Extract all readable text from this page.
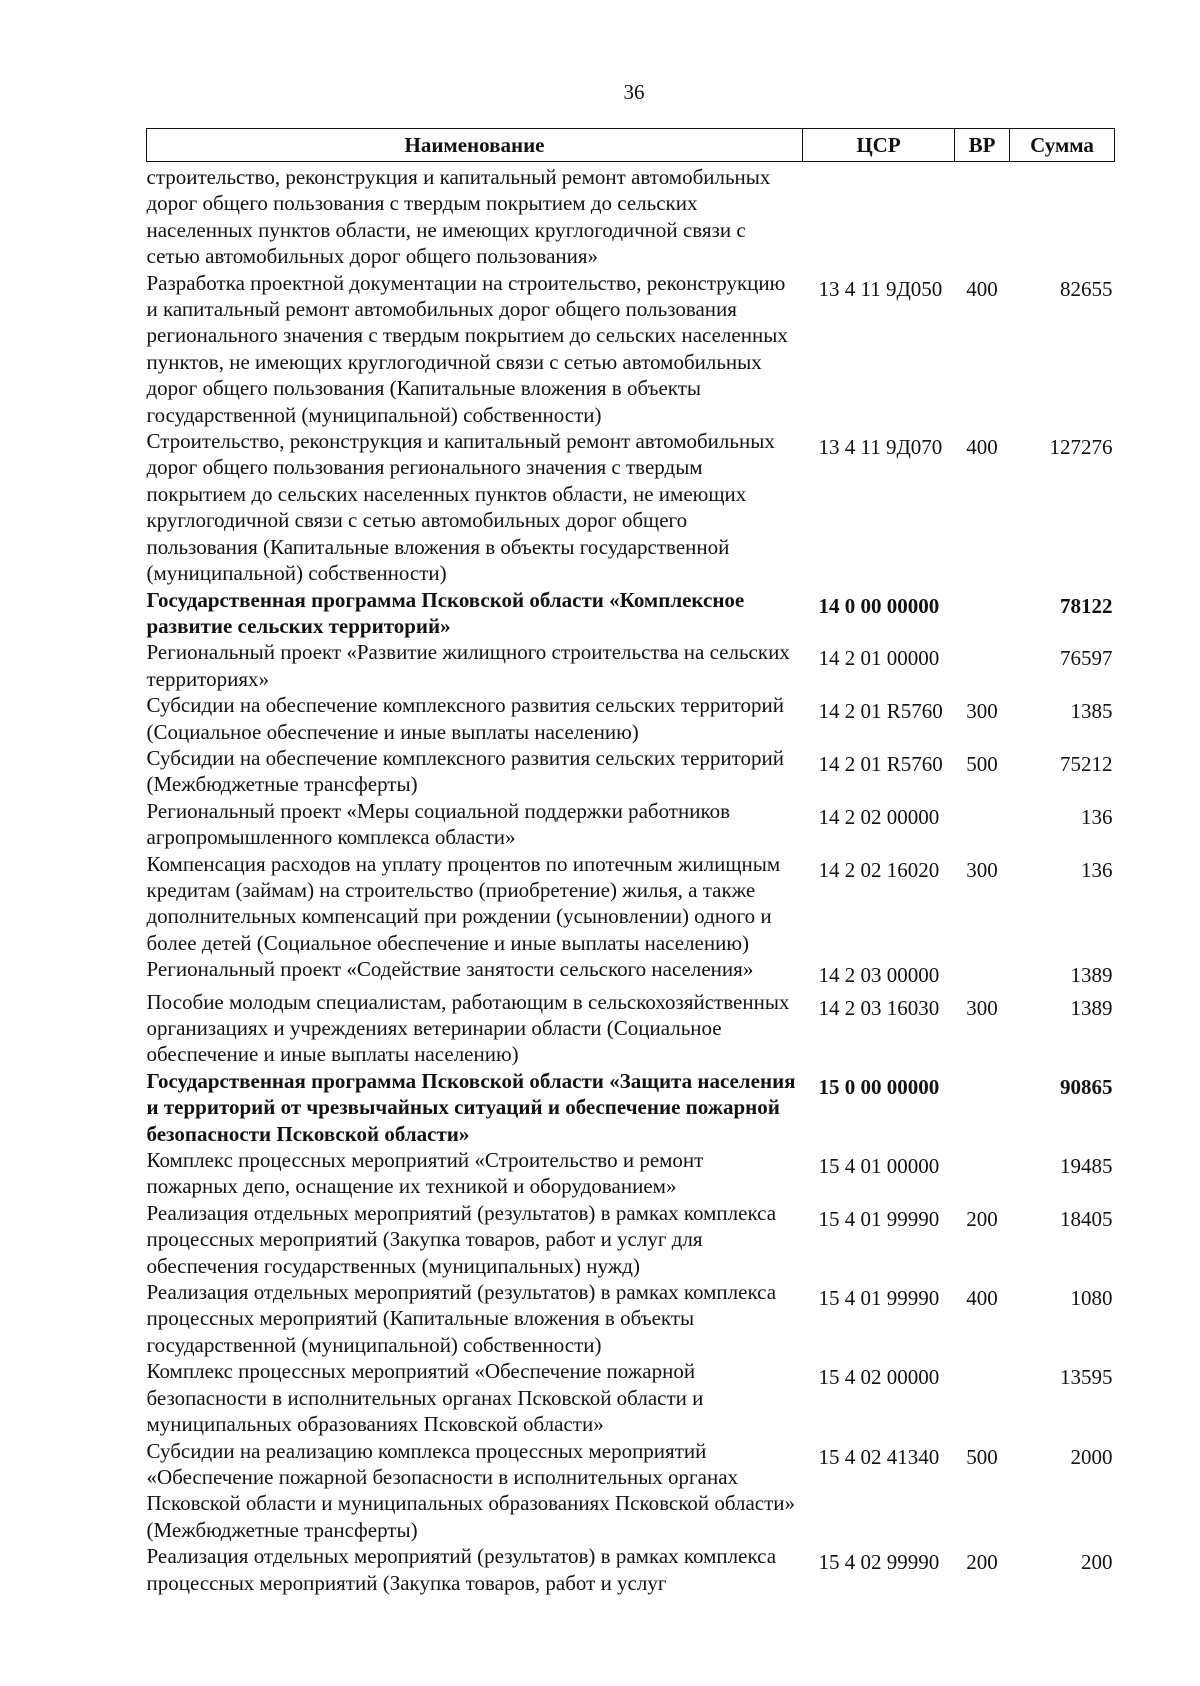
36
Наименование	ЦСР	ВР	Сумма
строительство, реконструкция и капитальный ремонт автомобильных дорог общего пользования с твердым покрытием до сельских населенных пунктов области, не имеющих круглогодичной связи с сетью автомобильных дорог общего пользования»			
Разработка проектной документации на строительство, реконструкцию и капитальный ремонт автомобильных дорог общего пользования регионального значения с твердым покрытием до сельских населенных пунктов, не имеющих круглогодичной связи с сетью автомобильных дорог общего пользования (Капитальные вложения в объекты государственной (муниципальной) собственности)	13 4 11 9Д050	400	82655
Строительство, реконструкция и капитальный ремонт автомобильных дорог общего пользования регионального значения с твердым покрытием до сельских населенных пунктов области, не имеющих круглогодичной связи с сетью автомобильных дорог общего пользования (Капитальные вложения в объекты государственной (муниципальной) собственности)	13 4 11 9Д070	400	127276
Государственная программа Псковской области «Комплексное развитие сельских территорий»	14 0 00 00000		78122
Региональный проект «Развитие жилищного строительства на сельских территориях»	14 2 01 00000		76597
Субсидии на обеспечение комплексного развития сельских территорий (Социальное обеспечение и иные выплаты населению)	14 2 01 R5760	300	1385
Субсидии на обеспечение комплексного развития сельских территорий (Межбюджетные трансферты)	14 2 01 R5760	500	75212
Региональный проект «Меры социальной поддержки работников агропромышленного комплекса области»	14 2 02 00000		136
Компенсация расходов на уплату процентов по ипотечным жилищным кредитам (займам) на строительство (приобретение) жилья, а также дополнительных компенсаций при рождении (усыновлении) одного и более детей (Социальное обеспечение и иные выплаты населению)	14 2 02 16020	300	136
Региональный проект «Содействие занятости сельского населения»	14 2 03 00000		1389
Пособие молодым специалистам, работающим в сельскохозяйственных организациях и учреждениях ветеринарии области (Социальное обеспечение и иные выплаты населению)	14 2 03 16030	300	1389
Государственная программа Псковской области «Защита населения и территорий от чрезвычайных ситуаций и обеспечение пожарной безопасности Псковской области»	15 0 00 00000		90865
Комплекс процессных мероприятий «Строительство и ремонт пожарных депо, оснащение их техникой и оборудованием»	15 4 01 00000		19485
Реализация отдельных мероприятий (результатов) в рамках комплекса процессных мероприятий (Закупка товаров, работ и услуг для обеспечения государственных (муниципальных) нужд)	15 4 01 99990	200	18405
Реализация отдельных мероприятий (результатов) в рамках комплекса процессных мероприятий (Капитальные вложения в объекты государственной (муниципальной) собственности)	15 4 01 99990	400	1080
Комплекс процессных мероприятий «Обеспечение пожарной безопасности в исполнительных органах Псковской области и муниципальных образованиях Псковской области»	15 4 02 00000		13595
Субсидии на реализацию комплекса процессных мероприятий «Обеспечение пожарной безопасности в исполнительных органах Псковской области и муниципальных образованиях Псковской области» (Межбюджетные трансферты)	15 4 02 41340	500	2000
Реализация отдельных мероприятий (результатов) в рамках комплекса процессных мероприятий (Закупка товаров, работ и услуг	15 4 02 99990	200	200
